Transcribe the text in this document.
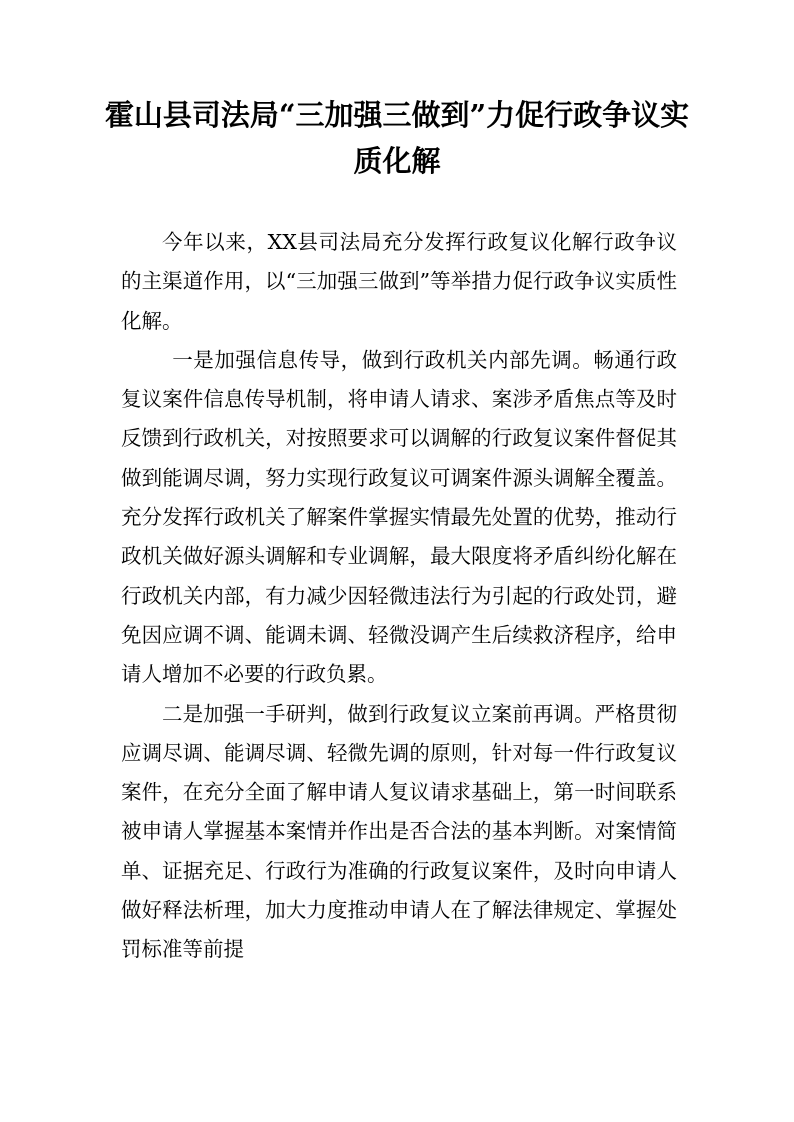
霍山县司法局“三加强三做到”力促行政争议实质化解

今年以来，XX县司法局充分发挥行政复议化解行政争议的主渠道作用，以“三加强三做到”等举措力促行政争议实质性化解。

一是加强信息传导，做到行政机关内部先调。畅通行政复议案件信息传导机制，将申请人请求、案涉矛盾焦点等及时反馈到行政机关，对按照要求可以调解的行政复议案件督促其做到能调尽调，努力实现行政复议可调案件源头调解全覆盖。充分发挥行政机关了解案件掌握实情最先处置的优势，推动行政机关做好源头调解和专业调解，最大限度将矛盾纠纷化解在行政机关内部，有力减少因轻微违法行为引起的行政处罚，避免因应调不调、能调未调、轻微没调产生后续救济程序，给申请人增加不必要的行政负累。

二是加强一手研判，做到行政复议立案前再调。严格贯彻应调尽调、能调尽调、轻微先调的原则，针对每一件行政复议案件，在充分全面了解申请人复议请求基础上，第一时间联系被申请人掌握基本案情并作出是否合法的基本判断。对案情简单、证据充足、行政行为准确的行政复议案件，及时向申请人做好释法析理，加大力度推动申请人在了解法律规定、掌握处罚标准等前提
